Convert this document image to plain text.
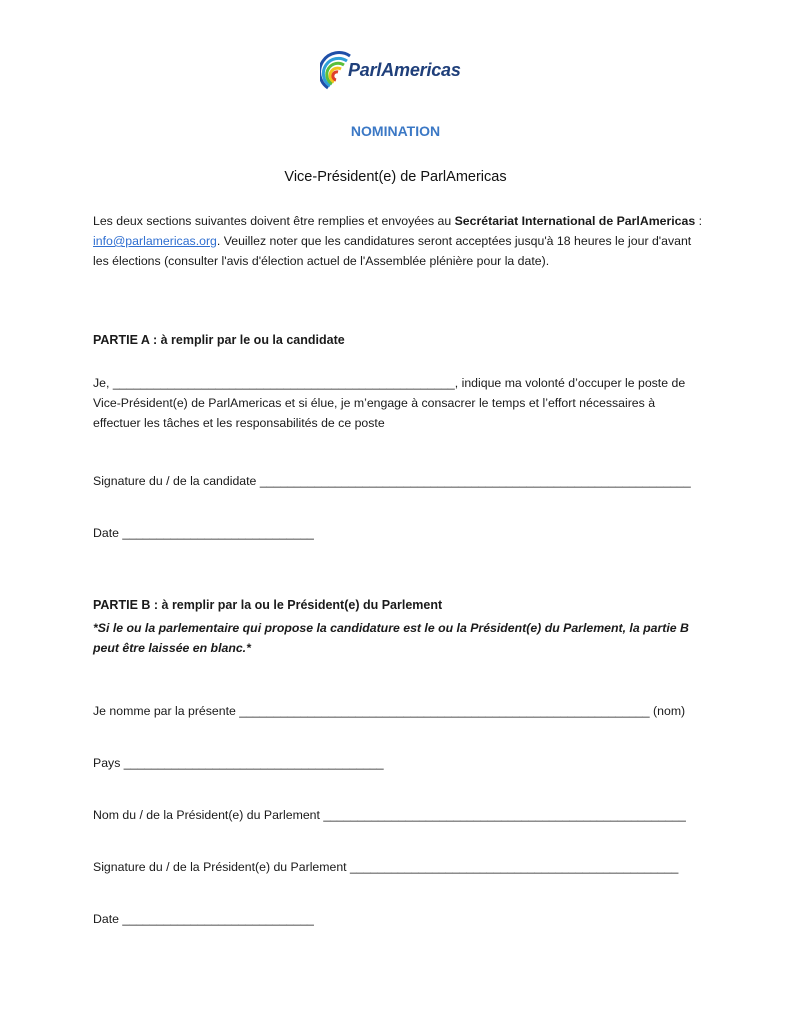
ParlAmericas
NOMINATION
Vice-Président(e) de ParlAmericas
Les deux sections suivantes doivent être remplies et envoyées au Secrétariat International de ParlAmericas : info@parlamericas.org. Veuillez noter que les candidatures seront acceptées jusqu'à 18 heures le jour d'avant les élections (consulter l'avis d'élection actuel de l'Assemblée plénière pour la date).
PARTIE A : à remplir par le ou la candidate
Je, __________________________________________________, indique ma volonté d’occuper le poste de Vice-Président(e) de ParlAmericas et si élue, je m’engage à consacrer le temps et l’effort nécessaires à effectuer les tâches et les responsabilités de ce poste
Signature du / de la candidate _______________________________________________________________
Date ____________________________
PARTIE B : à remplir par la ou le Président(e) du Parlement
*Si le ou la parlementaire qui propose la candidature est le ou la Président(e) du Parlement, la partie B peut être laissée en blanc.*
Je nomme par la présente ____________________________________________________________ (nom)
Pays ______________________________________
Nom du / de la Président(e) du Parlement _____________________________________________________
Signature du / de la Président(e) du Parlement ________________________________________________
Date ____________________________
